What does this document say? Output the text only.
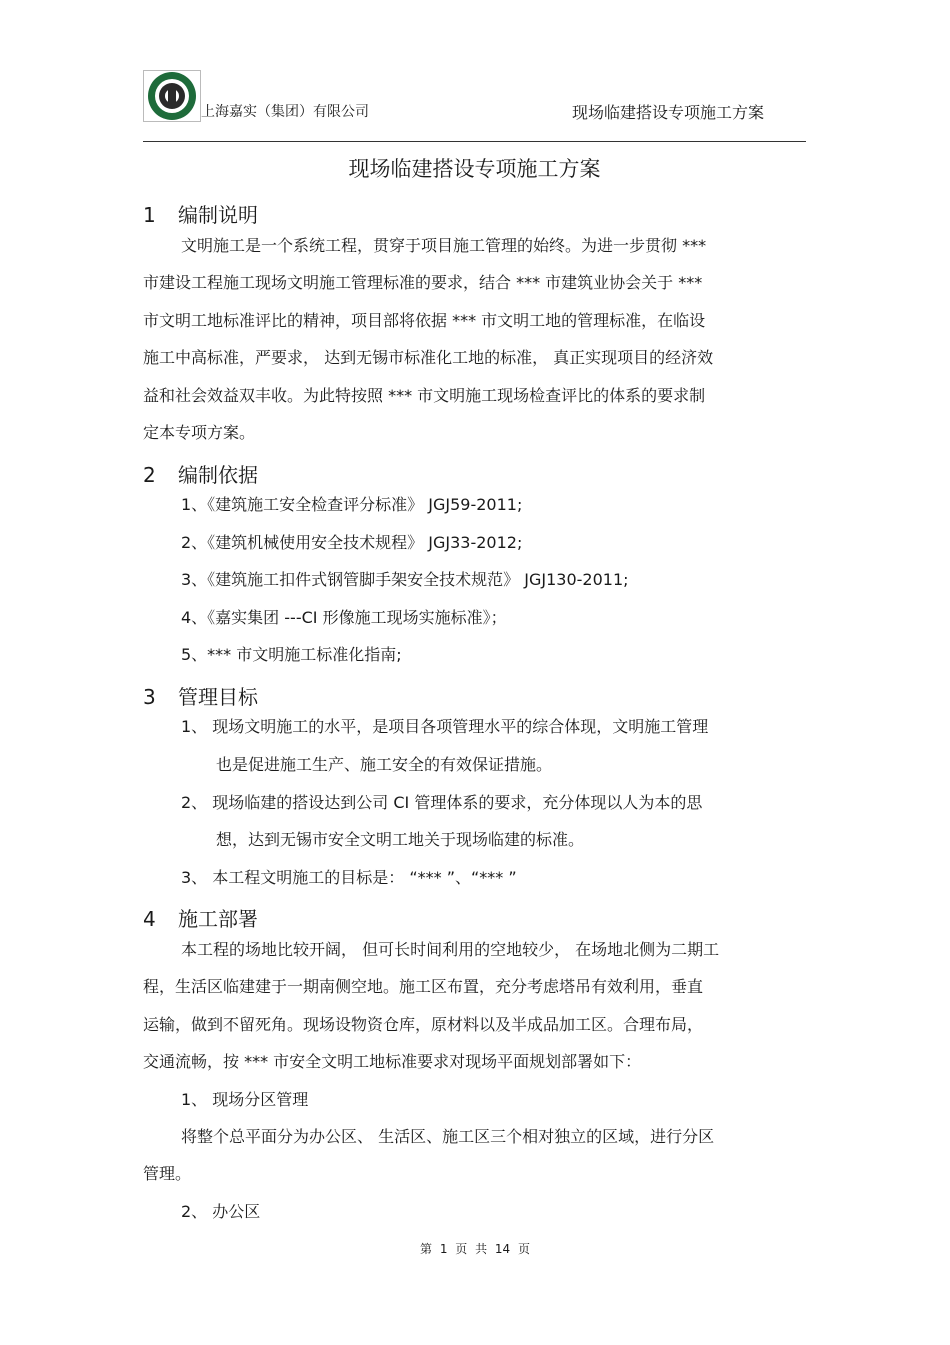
上海嘉实（集团）有限公司	现场临建搭设专项施工方案
现场临建搭设专项施工方案
1 编制说明
文明施工是一个系统工程，贯穿于项目施工管理的始终。为进一步贯彻 ***
市建设工程施工现场文明施工管理标准的要求，结合 *** 市建筑业协会关于 ***
市文明工地标准评比的精神，项目部将依据 *** 市文明工地的管理标准，在临设
施工中高标准，严要求， 达到无锡市标准化工地的标准， 真正实现项目的经济效
益和社会效益双丰收。为此特按照 *** 市文明施工现场检查评比的体系的要求制
定本专项方案。
2 编制依据
1、《建筑施工安全检查评分标准》 JGJ59-2011;
2、《建筑机械使用安全技术规程》 JGJ33-2012;
3、《建筑施工扣件式钢管脚手架安全技术规范》 JGJ130-2011;
4、《嘉实集团 ---CI 形像施工现场实施标准》；
5、*** 市文明施工标准化指南;
3 管理目标
1、 现场文明施工的水平，是项目各项管理水平的综合体现，文明施工管理
也是促进施工生产、施工安全的有效保证措施。
2、 现场临建的搭设达到公司 CI 管理体系的要求，充分体现以人为本的思
想，达到无锡市安全文明工地关于现场临建的标准。
3、 本工程文明施工的目标是： “*** ”、“*** ”
4 施工部署
本工程的场地比较开阔， 但可长时间利用的空地较少， 在场地北侧为二期工
程，生活区临建建于一期南侧空地。施工区布置，充分考虑塔吊有效利用，垂直
运输，做到不留死角。现场设物资仓库，原材料以及半成品加工区。合理布局，
交通流畅，按 *** 市安全文明工地标准要求对现场平面规划部署如下：
1、 现场分区管理
将整个总平面分为办公区、 生活区、施工区三个相对独立的区域，进行分区
管理。
2、 办公区
第 1 页 共 14 页
